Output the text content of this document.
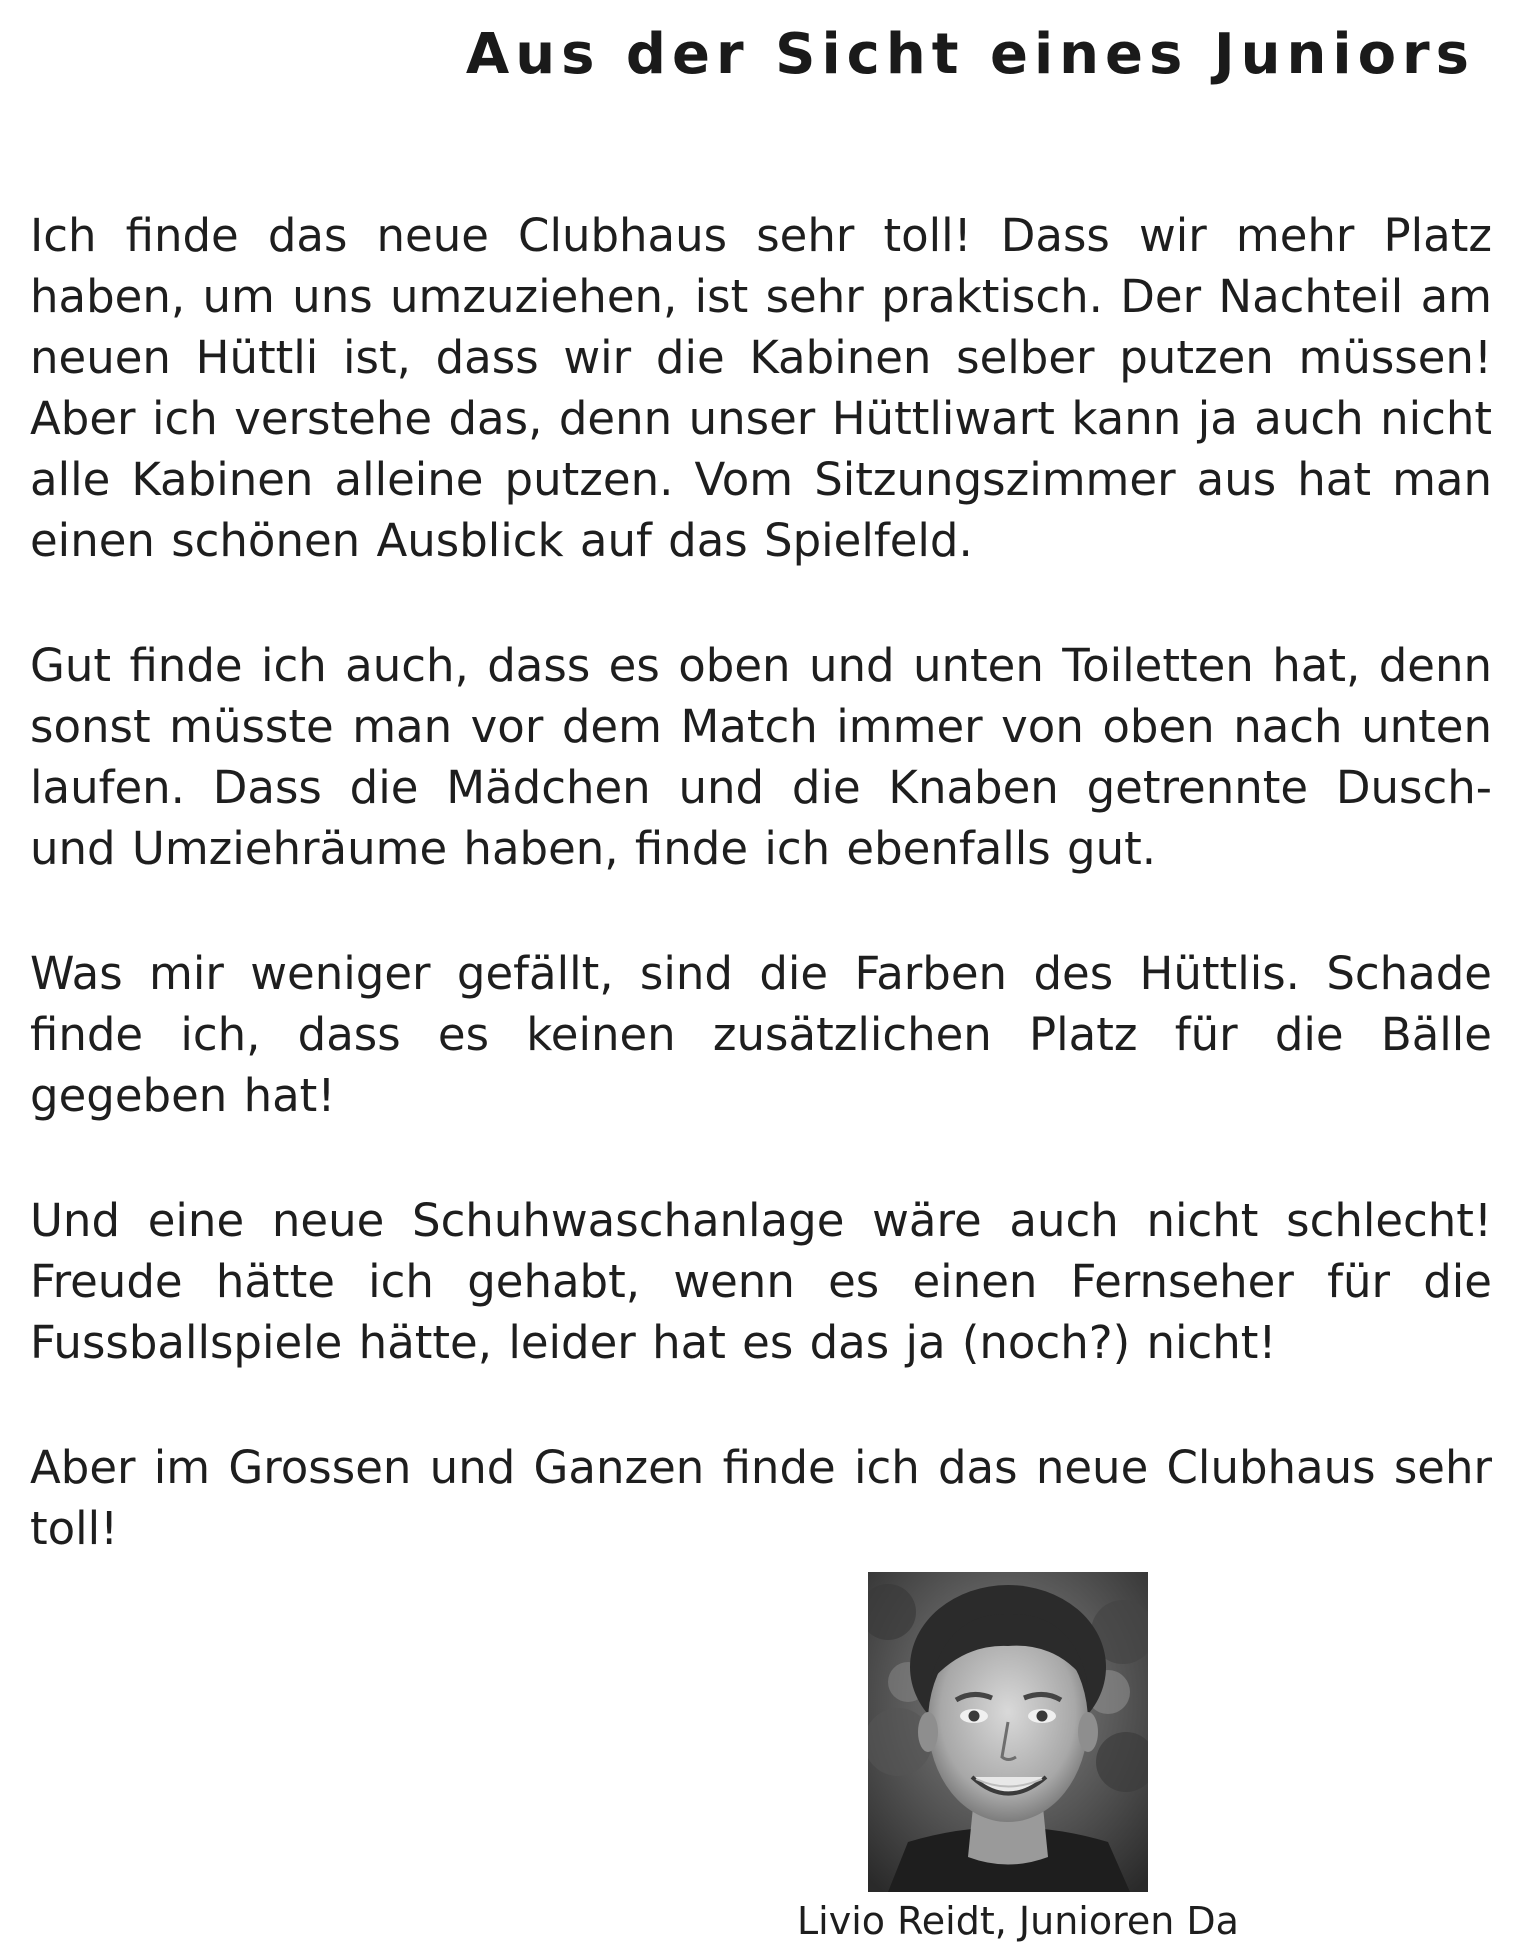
Aus der Sicht eines Juniors

Ich finde das neue Clubhaus sehr toll! Dass wir mehr Platz haben, um uns umzuziehen, ist sehr praktisch. Der Nachteil am neuen Hüttli ist, dass wir die Kabinen selber putzen müssen! Aber ich verstehe das, denn unser Hüttliwart kann ja auch nicht alle Kabinen alleine putzen. Vom Sitzungszimmer aus hat man einen schönen Ausblick auf das Spielfeld.

Gut finde ich auch, dass es oben und unten Toiletten hat, denn sonst müsste man vor dem Match immer von oben nach unten laufen. Dass die Mädchen und die Knaben getrennte Dusch- und Umziehräume haben, finde ich ebenfalls gut.

Was mir weniger gefällt, sind die Farben des Hüttlis. Schade finde ich, dass es keinen zusätzlichen Platz für die Bälle gegeben hat!

Und eine neue Schuhwaschanlage wäre auch nicht schlecht! Freude hätte ich gehabt, wenn es einen Fernseher für die Fussballspiele hätte, leider hat es das ja (noch?) nicht!

Aber im Grossen und Ganzen finde ich das neue Clubhaus sehr toll!

Livio Reidt, Junioren Da
